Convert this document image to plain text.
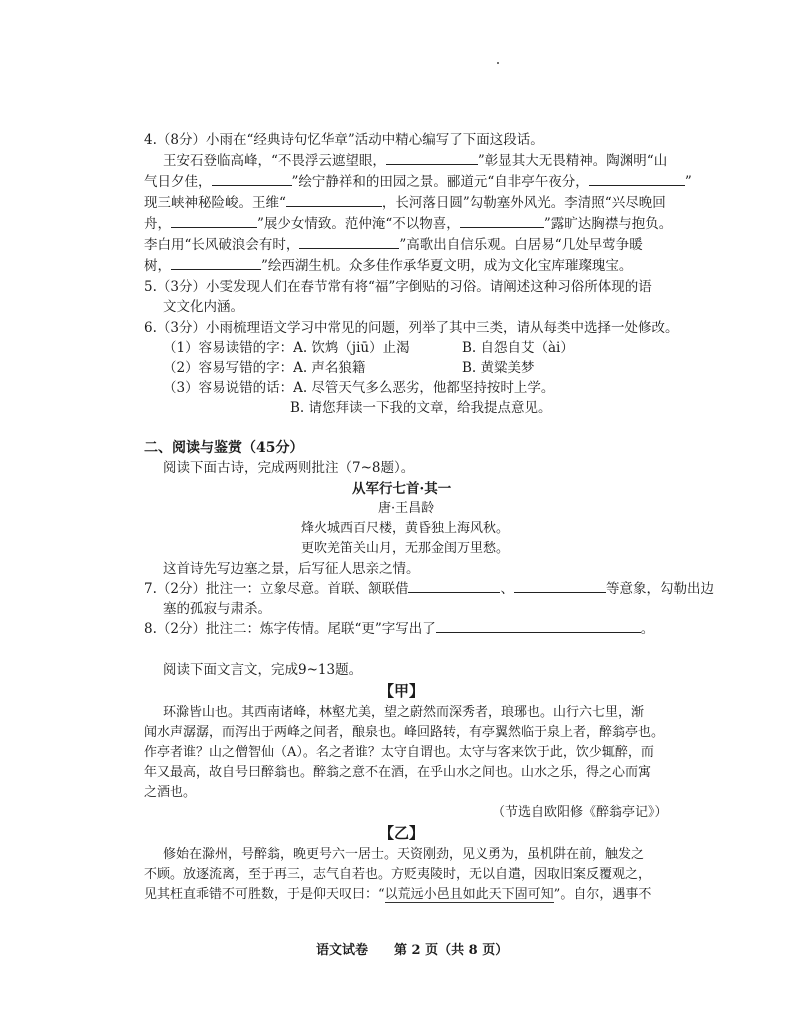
4.（8分）小雨在“经典诗句忆华章”活动中精心编写了下面这段话。
王安石登临高峰，“不畏浮云遮望眼，	”彰显其大无畏精神。陶渊明“山
气日夕佳，	”绘宁静祥和的田园之景。郦道元“自非亭午夜分，	”
现三峡神秘险峻。王维“	，长河落日圆”勾勒塞外风光。李清照“兴尽晚回
舟，	”展少女情致。范仲淹“不以物喜，	”露旷达胸襟与抱负。
李白用“长风破浪会有时，	”高歌出自信乐观。白居易“几处早莺争暖
树，	”绘西湖生机。众多佳作承华夏文明，成为文化宝库璀璨瑰宝。
5.（3分）小雯发现人们在春节常有将“福”字倒贴的习俗。请阐述这种习俗所体现的语
文文化内涵。
6.（3分）小雨梳理语文学习中常见的问题，列举了其中三类，请从每类中选择一处修改。
（1）容易读错的字：A. 饮鸩（jiū）止渴	B. 自怨自艾（ài）
（2）容易写错的字：A. 声名狼籍	B. 黄粱美梦
（3）容易说错的话：A. 尽管天气多么恶劣，他都坚持按时上学。
B. 请您拜读一下我的文章，给我提点意见。
二、阅读与鉴赏（45分）
阅读下面古诗，完成两则批注（7~8题）。
从军行七首·其一
唐·王昌龄
烽火城西百尺楼，黄昏独上海风秋。
更吹羌笛关山月，无那金闺万里愁。
这首诗先写边塞之景，后写征人思亲之情。
7.（2分）批注一：立象尽意。首联、颔联借	、	等意象，勾勒出边
塞的孤寂与肃杀。
8.（2分）批注二：炼字传情。尾联“更”字写出了	。
阅读下面文言文，完成9~13题。
【甲】
环滁皆山也。其西南诸峰，林壑尤美，望之蔚然而深秀者，琅琊也。山行六七里，渐
闻水声潺潺，而泻出于两峰之间者，酿泉也。峰回路转，有亭翼然临于泉上者，醉翁亭也。
作亭者谁？山之僧智仙（A）。名之者谁？太守自谓也。太守与客来饮于此，饮少辄醉，而
年又最高，故自号曰醉翁也。醉翁之意不在酒，在乎山水之间也。山水之乐，得之心而寓
之酒也。
（节选自欧阳修《醉翁亭记》）
【乙】
修始在滁州，号醉翁，晚更号六一居士。天资刚劲，见义勇为，虽机阱在前，触发之
不顾。放逐流离，至于再三，志气自若也。方贬夷陵时，无以自遣，因取旧案反覆观之，
见其枉直乖错不可胜数，于是仰天叹曰：“以荒远小邑且如此天下固可知”。自尔，遇事不
语文试卷　　第 2 页（共 8 页）
